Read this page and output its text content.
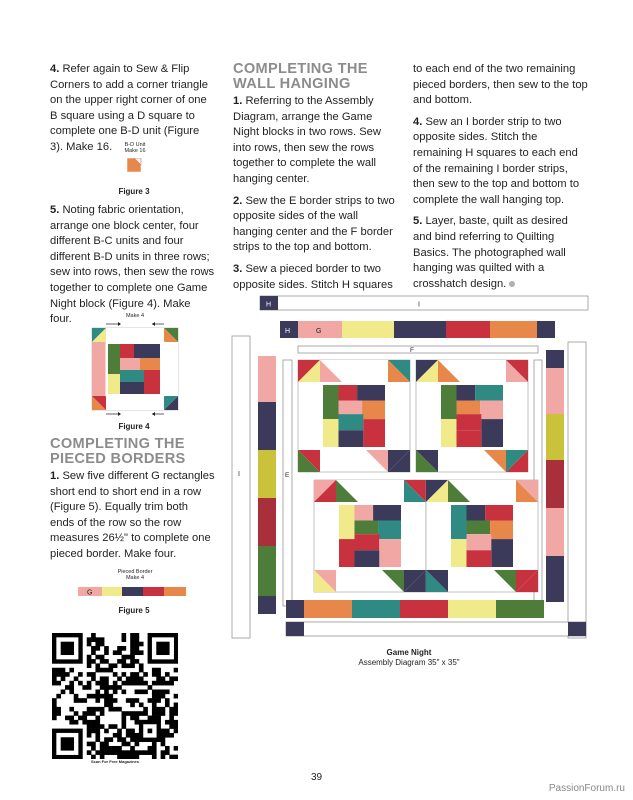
4. Refer again to Sew & Flip Corners to add a corner triangle on the upper right corner of one B square using a D square to complete one B-D unit (Figure 3). Make 16.	B-D Unit
Make 16
Figure 3

5. Noting fabric orientation, arrange one block center, four different B-C units and four different B-D units in three rows; sew into rows, then sew the rows together to complete one Game Night block (Figure 4). Make four.	Make 4
Figure 4
COMPLETING THE PIECED BORDERS

1. Sew five different G rectangles short end to short end in a row (Figure 5). Equally trim both ends of the row so the row measures 26½" to complete one pieced border. Make four.

Pieced Border
Make 4
G
Figure 5
Scan For Free Magazines
COMPLETING THE WALL HANGING

1. Referring to the Assembly Diagram, arrange the Game Night blocks in two rows. Sew into rows, then sew the rows together to complete the wall hanging center.

2. Sew the E border strips to two opposite sides of the wall hanging center and the F border strips to the top and bottom.

3. Sew a pieced border to two opposite sides. Stitch H squares

to each end of the two remaining pieced borders, then sew to the top and bottom.

4. Sew an I border strip to two opposite sides. Stitch the remaining H squares to each end of the remaining I border strips, then sew to the top and bottom to complete the wall hanging top.

5. Layer, baste, quilt as desired and bind referring to Quilting Basics. The photographed wall hanging was quilted with a crosshatch design.

H	I
H	G
F
I	E
Game Night
Assembly Diagram 35" x 35"
39
PassionForum.ru
